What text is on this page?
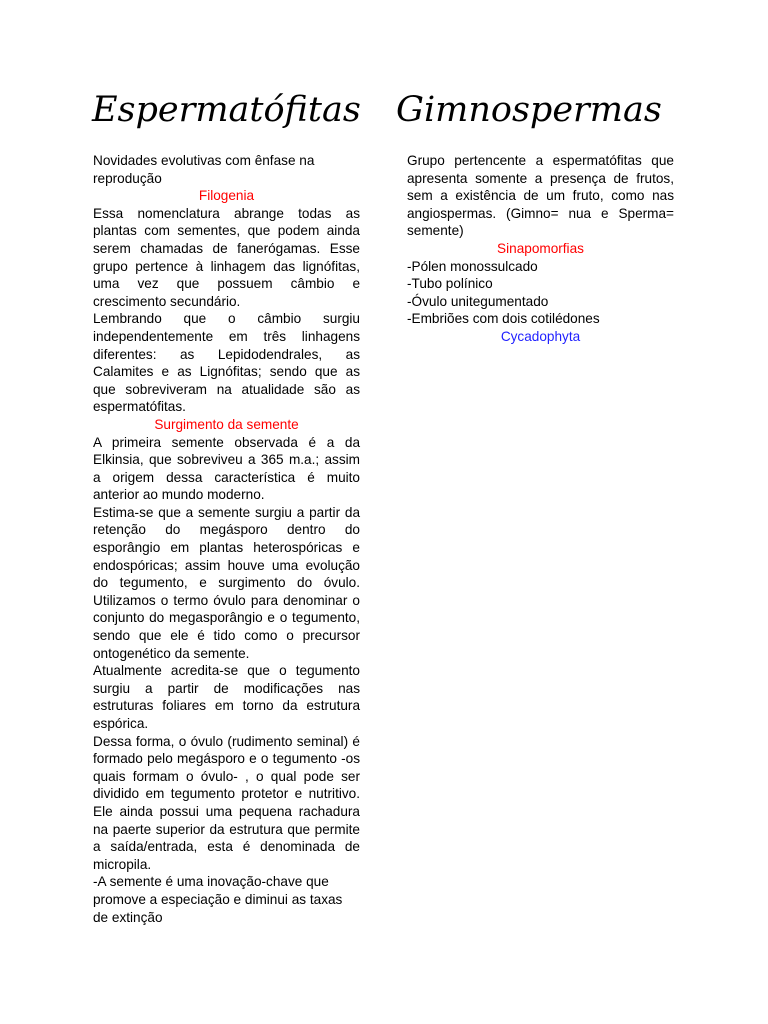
Espermatófitas Gimnospermas

Novidades evolutivas com ênfase na reprodução

Filogenia

Essa nomenclatura abrange todas as plantas com sementes, que podem ainda serem chamadas de fanerógamas. Esse grupo pertence à linhagem das lignófitas, uma vez que possuem câmbio e crescimento secundário.

Lembrando que o câmbio surgiu independentemente em três linhagens diferentes: as Lepidodendrales, as Calamites e as Lignófitas; sendo que as que sobreviveram na atualidade são as espermatófitas.

Surgimento da semente

A primeira semente observada é a da Elkinsia, que sobreviveu a 365 m.a.; assim a origem dessa característica é muito anterior ao mundo moderno.

Estima-se que a semente surgiu a partir da retenção do megásporo dentro do esporângio em plantas heterospóricas e endospóricas; assim houve uma evolução do tegumento, e surgimento do óvulo. Utilizamos o termo óvulo para denominar o conjunto do megasporângio e o tegumento, sendo que ele é tido como o precursor ontogenético da semente.

Atualmente acredita-se que o tegumento surgiu a partir de modificações nas estruturas foliares em torno da estrutura espórica.

Dessa forma, o óvulo (rudimento seminal) é formado pelo megásporo e o tegumento -os quais formam o óvulo- , o qual pode ser dividido em tegumento protetor e nutritivo. Ele ainda possui uma pequena rachadura na paerte superior da estrutura que permite a saída/entrada, esta é denominada de micropila.

-A semente é uma inovação-chave que promove a especiação e diminui as taxas de extinção

Grupo pertencente a espermatófitas que apresenta somente a presença de frutos, sem a existência de um fruto, como nas angiospermas. (Gimno= nua e Sperma= semente)

Sinapomorfias

-Pólen monossulcado

-Tubo polínico

-Óvulo unitegumentado

-Embriões com dois cotilédones

Cycadophyta
